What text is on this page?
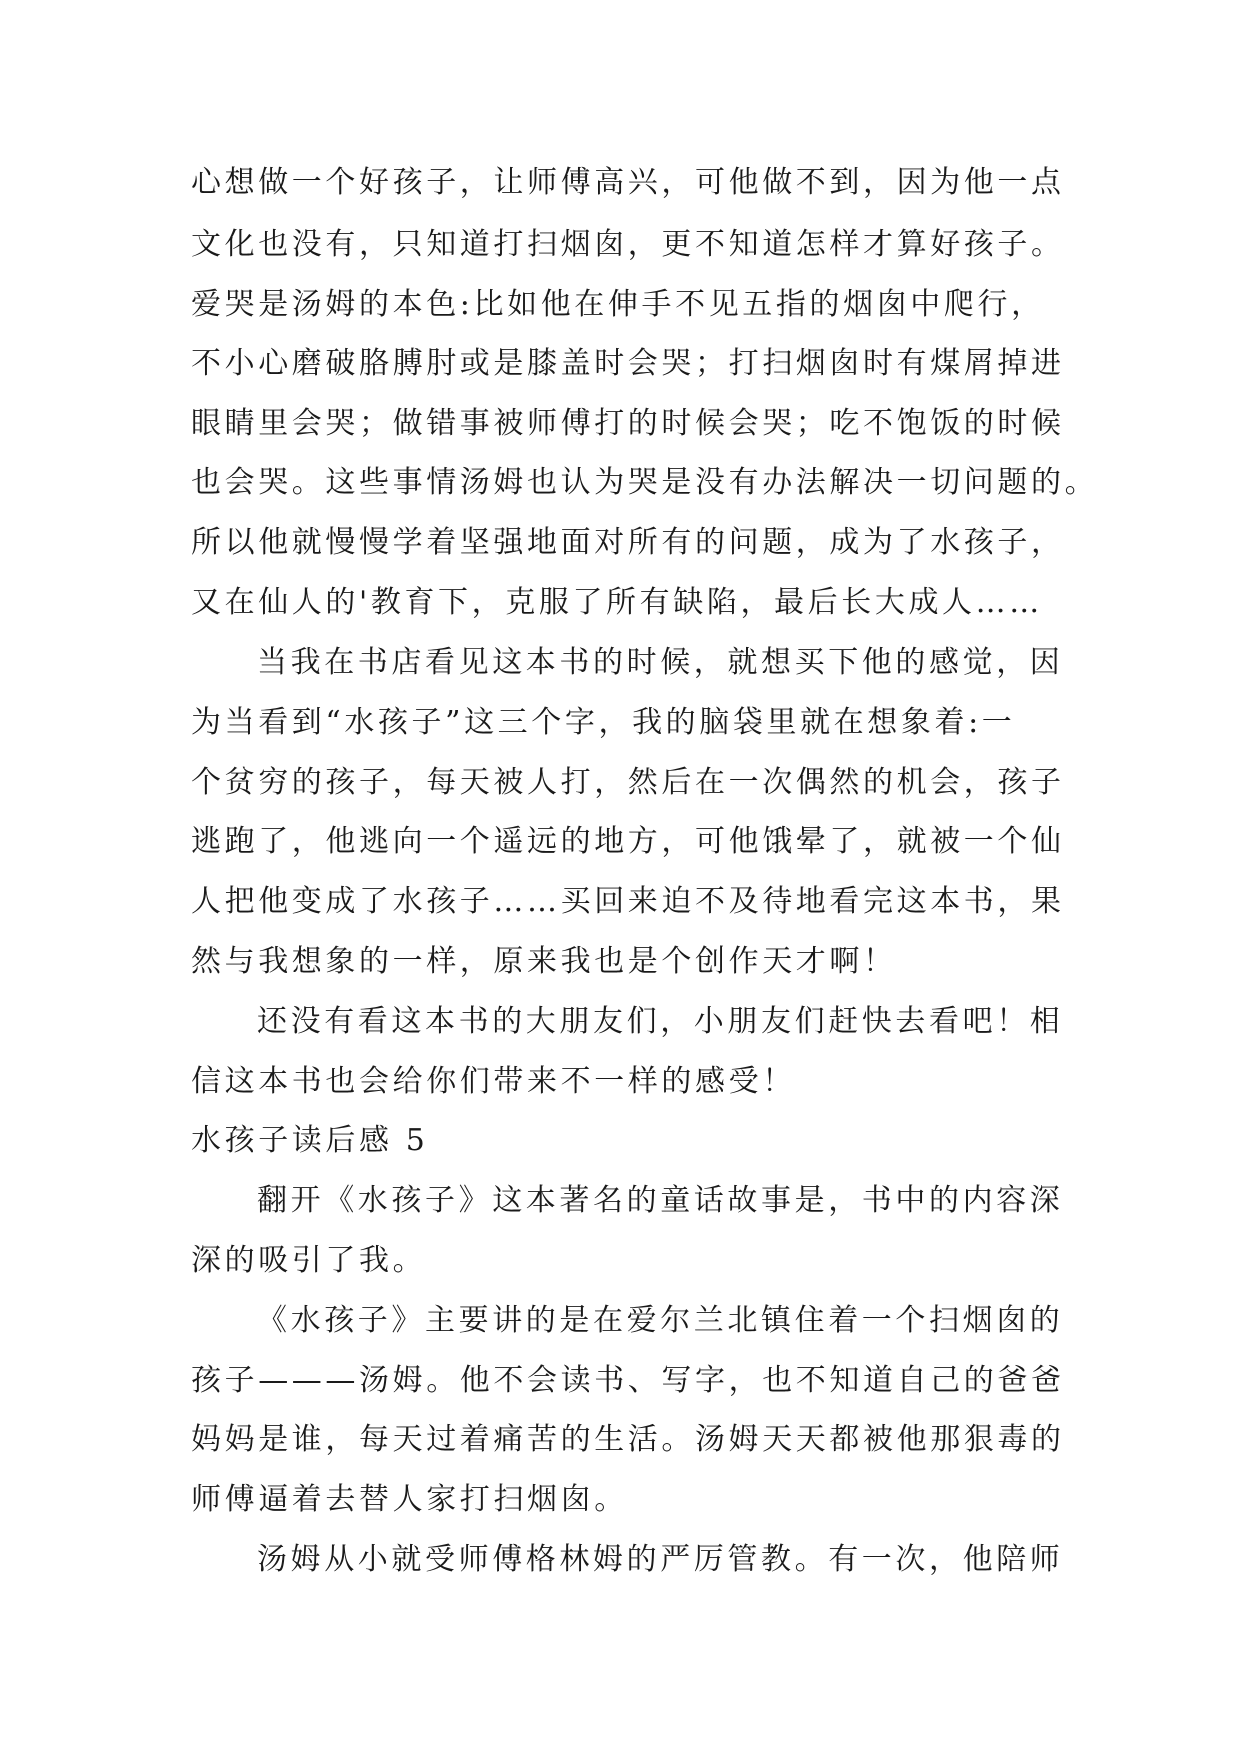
心想做一个好孩子，让师傅高兴，可他做不到，因为他一点
文化也没有，只知道打扫烟囱，更不知道怎样才算好孩子。
爱哭是汤姆的本色:比如他在伸手不见五指的烟囱中爬行，
不小心磨破胳膊肘或是膝盖时会哭；打扫烟囱时有煤屑掉进
眼睛里会哭；做错事被师傅打的时候会哭；吃不饱饭的时候
也会哭。这些事情汤姆也认为哭是没有办法解决一切问题的。
所以他就慢慢学着坚强地面对所有的问题，成为了水孩子，
又在仙人的'教育下，克服了所有缺陷，最后长大成人……
当我在书店看见这本书的时候，就想买下他的感觉，因
为当看到“水孩子”这三个字，我的脑袋里就在想象着:一
个贫穷的孩子，每天被人打，然后在一次偶然的机会，孩子
逃跑了，他逃向一个遥远的地方，可他饿晕了，就被一个仙
人把他变成了水孩子……买回来迫不及待地看完这本书，果
然与我想象的一样，原来我也是个创作天才啊！
还没有看这本书的大朋友们，小朋友们赶快去看吧！相
信这本书也会给你们带来不一样的感受！
水孩子读后感 5
翻开《水孩子》这本著名的童话故事是，书中的内容深
深的吸引了我。
《水孩子》主要讲的是在爱尔兰北镇住着一个扫烟囱的
孩子———汤姆。他不会读书、写字，也不知道自己的爸爸
妈妈是谁，每天过着痛苦的生活。汤姆天天都被他那狠毒的
师傅逼着去替人家打扫烟囱。
汤姆从小就受师傅格林姆的严厉管教。有一次，他陪师
